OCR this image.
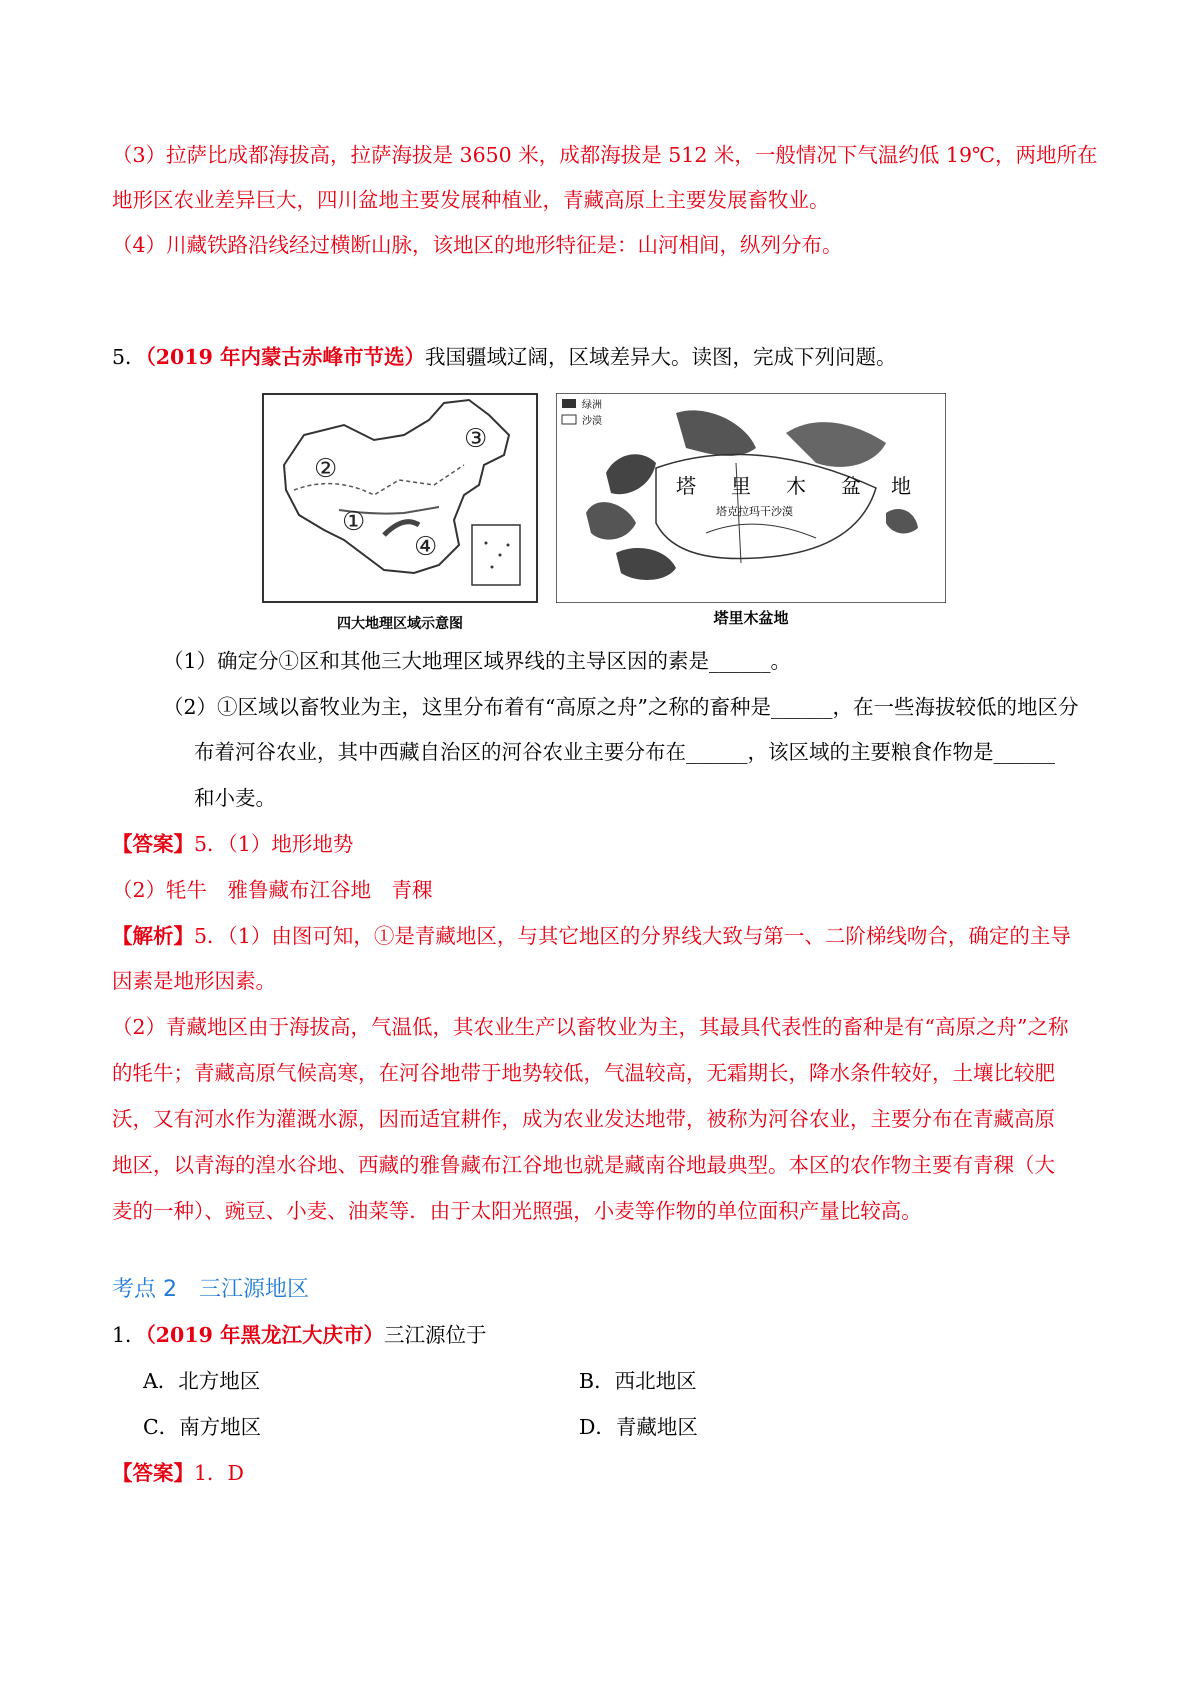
（3）拉萨比成都海拔高，拉萨海拔是 3650 米，成都海拔是 512 米，一般情况下气温约低 19℃，两地所在
地形区农业差异巨大，四川盆地主要发展种植业，青藏高原上主要发展畜牧业。
（4）川藏铁路沿线经过横断山脉，该地区的地形特征是：山河相间，纵列分布。
5．（2019 年内蒙古赤峰市节选）我国疆域辽阔，区域差异大。读图，完成下列问题。
①
②
③
④
四大地理区域示意图
绿洲
沙漠
塔 里 木 盆 地
塔克拉玛干沙漠
塔里木盆地
（1）确定分①区和其他三大地理区域界线的主导区因的素是______。
（2）①区域以畜牧业为主，这里分布着有“高原之舟”之称的畜种是______，在一些海拔较低的地区分
布着河谷农业，其中西藏自治区的河谷农业主要分布在______，该区域的主要粮食作物是______
和小麦。
【答案】5．（1）地形地势
（2）牦牛　雅鲁藏布江谷地　青稞
【解析】5．（1）由图可知，①是青藏地区，与其它地区的分界线大致与第一、二阶梯线吻合，确定的主导
因素是地形因素。
（2）青藏地区由于海拔高，气温低，其农业生产以畜牧业为主，其最具代表性的畜种是有“高原之舟”之称
的牦牛；青藏高原气候高寒，在河谷地带于地势较低，气温较高，无霜期长，降水条件较好，土壤比较肥
沃，又有河水作为灌溉水源，因而适宜耕作，成为农业发达地带，被称为河谷农业，主要分布在青藏高原
地区，以青海的湟水谷地、西藏的雅鲁藏布江谷地也就是藏南谷地最典型。本区的农作物主要有青稞（大
麦的一种）、豌豆、小麦、油菜等．由于太阳光照强，小麦等作物的单位面积产量比较高。
考点 2　三江源地区
1．（2019 年黑龙江大庆市）三江源位于
A．北方地区	B．西北地区
C．南方地区	D．青藏地区
【答案】1．D
